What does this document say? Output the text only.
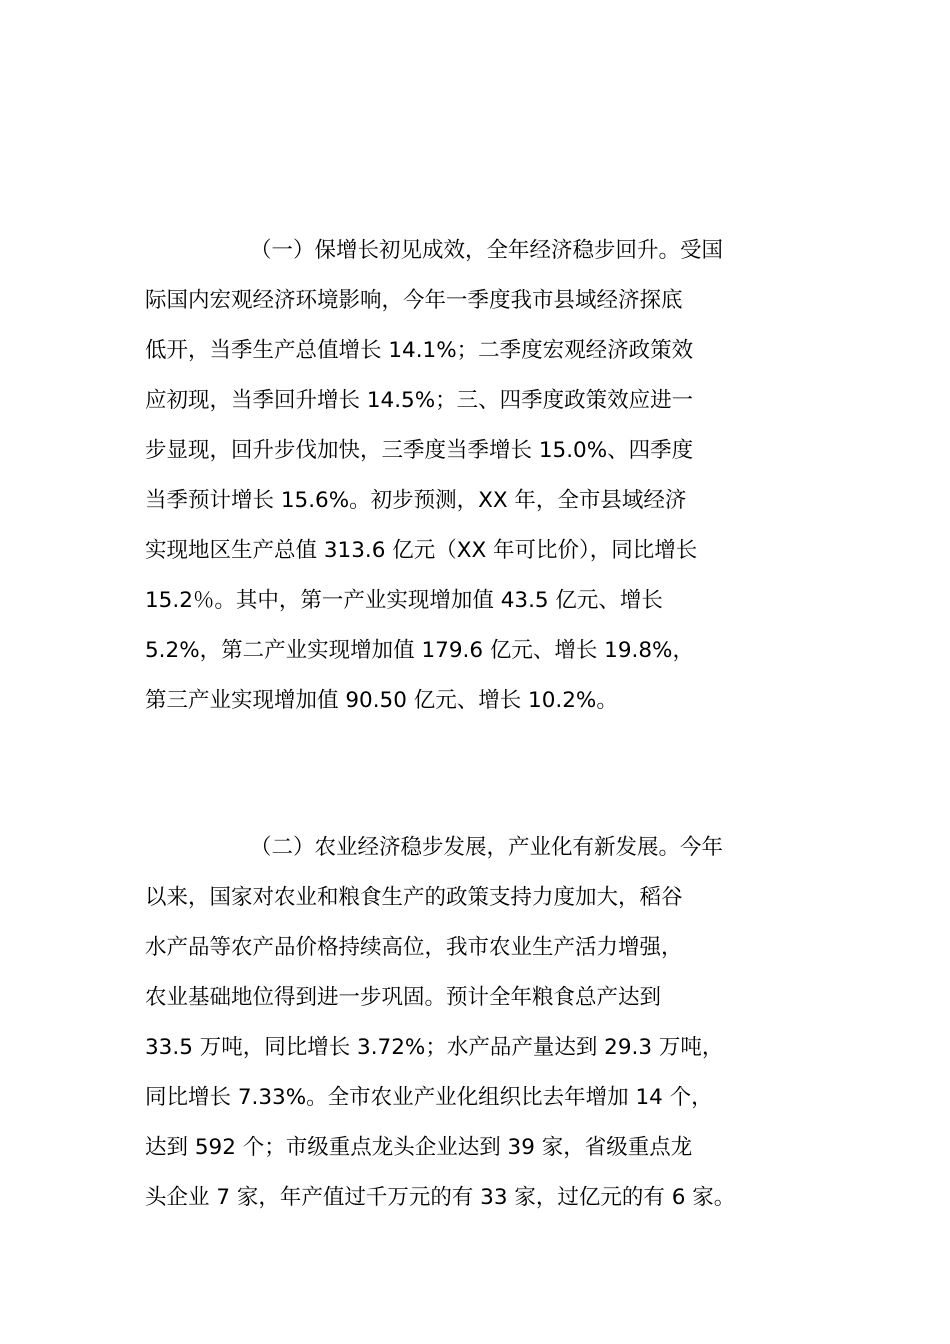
（一）保增长初见成效，全年经济稳步回升。受国
际国内宏观经济环境影响，今年一季度我市县域经济探底
低开，当季生产总值增长 14.1%；二季度宏观经济政策效
应初现，当季回升增长 14.5%；三、四季度政策效应进一
步显现，回升步伐加快，三季度当季增长 15.0%、四季度
当季预计增长 15.6%。初步预测，XX 年，全市县域经济
实现地区生产总值 313.6 亿元（XX 年可比价），同比增长
15.2％。其中，第一产业实现增加值 43.5 亿元、增长
5.2%，第二产业实现增加值 179.6 亿元、增长 19.8%，
第三产业实现增加值 90.50 亿元、增长 10.2%。
（二）农业经济稳步发展，产业化有新发展。今年
以来，国家对农业和粮食生产的政策支持力度加大，稻谷
水产品等农产品价格持续高位，我市农业生产活力增强，
农业基础地位得到进一步巩固。预计全年粮食总产达到
33.5 万吨，同比增长 3.72%；水产品产量达到 29.3 万吨，
同比增长 7.33%。全市农业产业化组织比去年增加 14 个，
达到 592 个；市级重点龙头企业达到 39 家，省级重点龙
头企业 7 家，年产值过千万元的有 33 家，过亿元的有 6 家。
